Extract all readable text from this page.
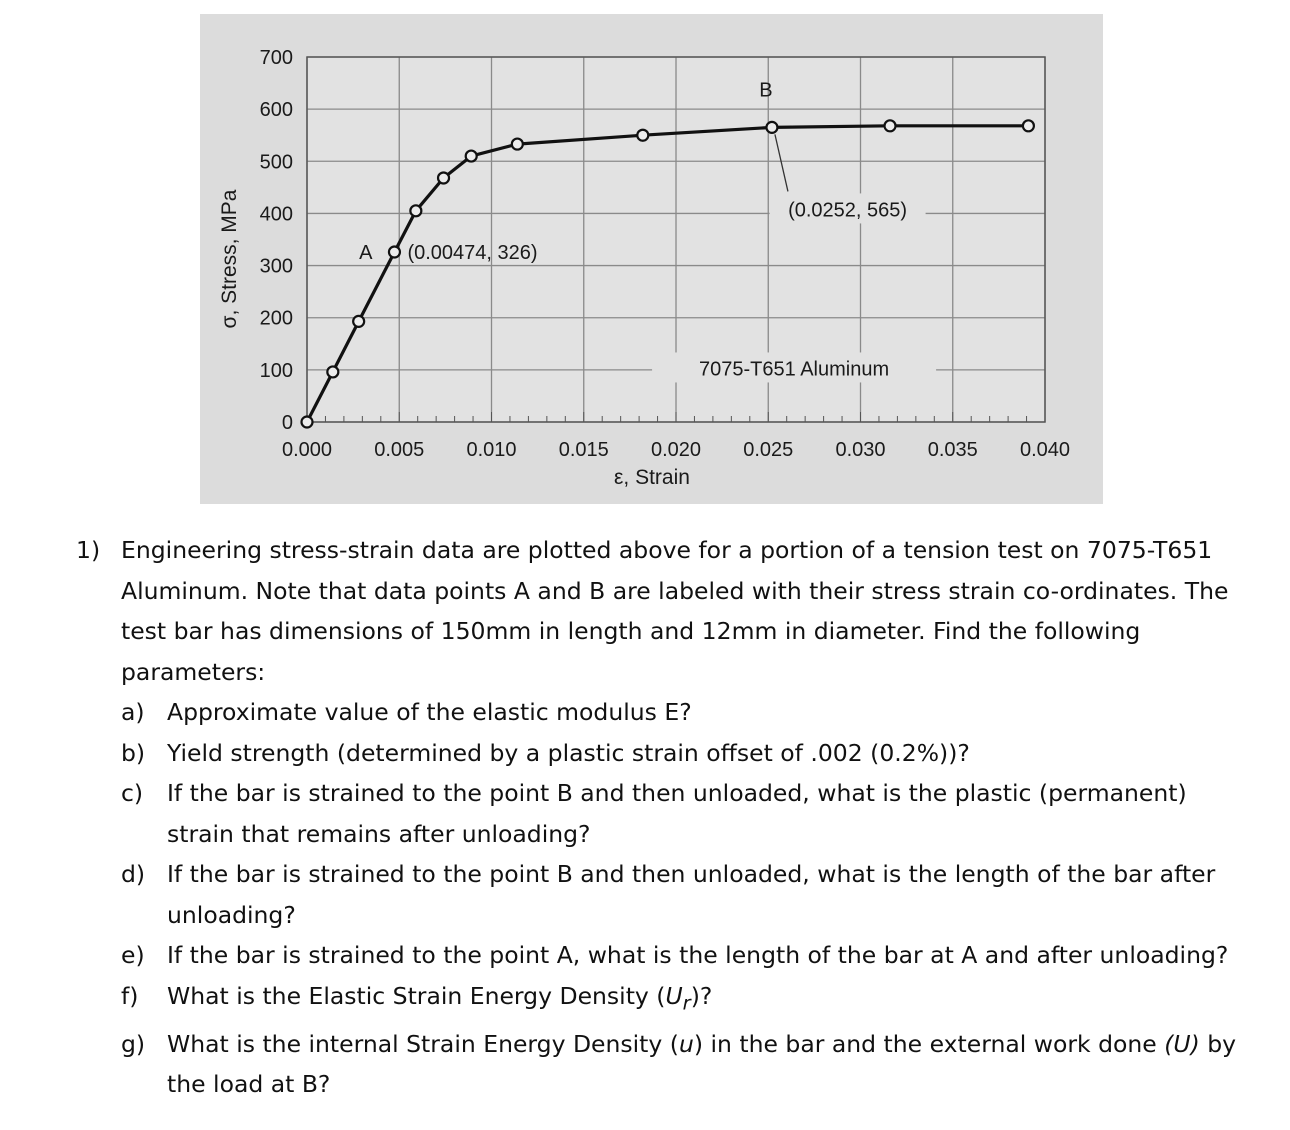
700
600
500
400
300
200
100
0
0.000 0.005 0.010 0.015 0.020 0.025 0.030 0.035 0.040
ε, Strain
σ, Stress, MPa
7075-T651 Aluminum
A (0.00474, 326)
B
(0.0252, 565)
1) Engineering stress-strain data are plotted above for a portion of a tension test on 7075-T651 Aluminum. Note that data points A and B are labeled with their stress strain co-ordinates. The test bar has dimensions of 150mm in length and 12mm in diameter. Find the following parameters:
a) Approximate value of the elastic modulus E?
b) Yield strength (determined by a plastic strain offset of .002 (0.2%))?
c)	If the bar is strained to the point B and then unloaded, what is the plastic (permanent) strain that remains after unloading?
d) If the bar is strained to the point B and then unloaded, what is the length of the bar after unloading?
e) If the bar is strained to the point A, what is the length of the bar at A and after unloading?
f)	What is the Elastic Strain Energy Density $(U_r)$?
g) What is the internal Strain Energy Density (u) in the bar and the external work done (U) by the load at B?
